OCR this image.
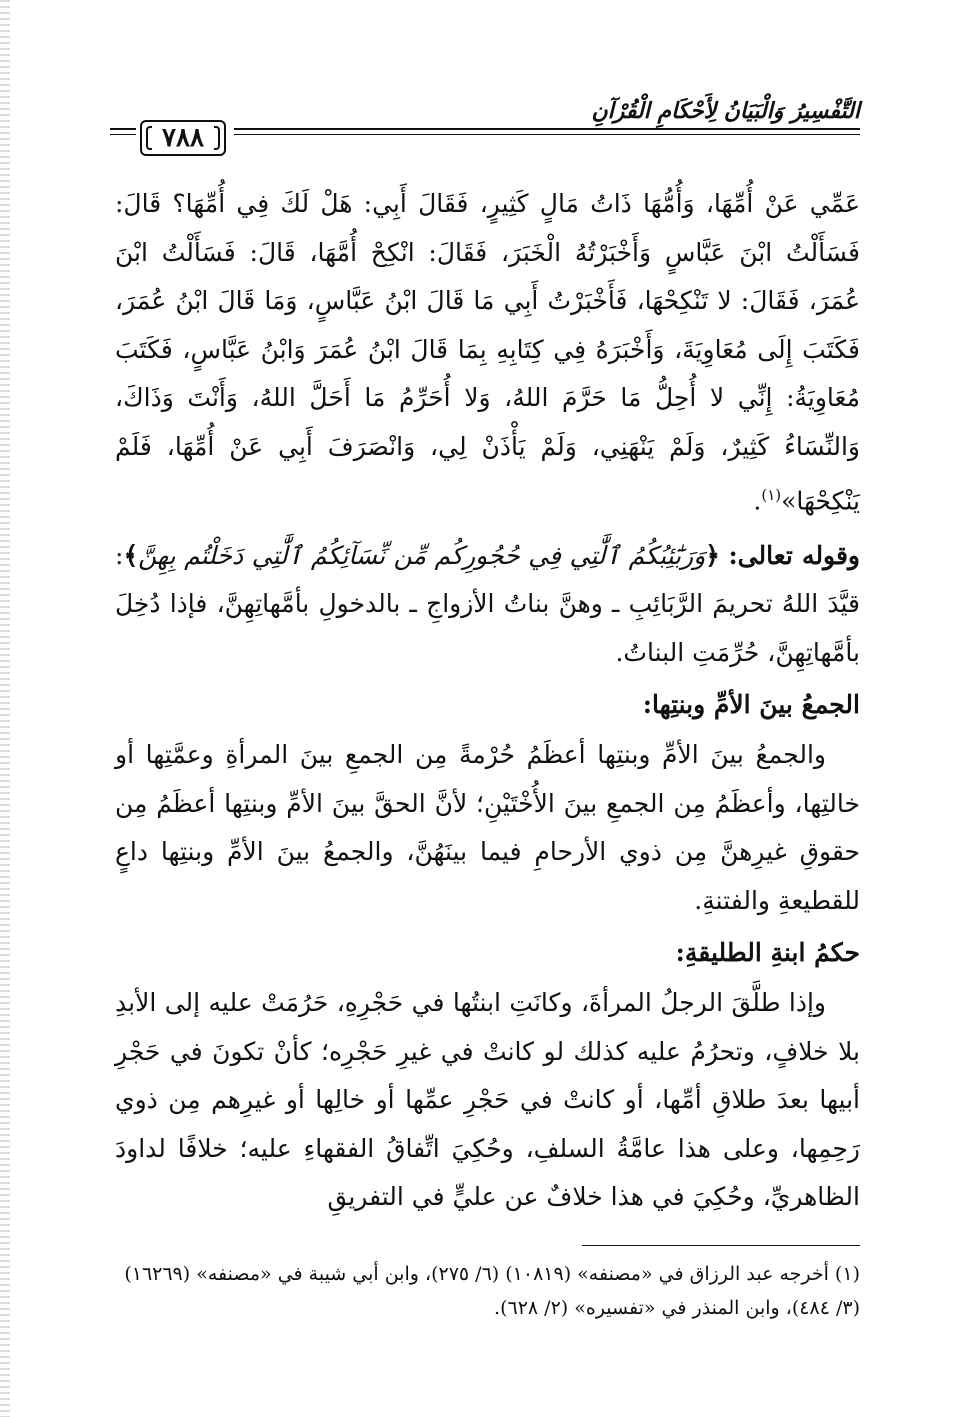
التَّفْسِيرُ وَالْبَيَانُ لِأَحْكَامِ الْقُرْآنِ
٧٨٨

عَمِّي عَنْ أُمِّهَا، وَأُمُّهَا ذَاتُ مَالٍ كَثِيرٍ، فَقَالَ أَبِي: هَلْ لَكَ فِي أُمِّهَا؟ قَالَ: فَسَأَلْتُ ابْنَ عَبَّاسٍ وَأَخْبَرْتُهُ الْخَبَرَ، فَقَالَ: انْكِحْ أُمَّهَا، قَالَ: فَسَأَلْتُ ابْنَ عُمَرَ، فَقَالَ: لا تَنْكِحْهَا، فَأَخْبَرْتُ أَبِي مَا قَالَ ابْنُ عَبَّاسٍ، وَمَا قَالَ ابْنُ عُمَرَ، فَكَتَبَ إِلَى مُعَاوِيَةَ، وَأَخْبَرَهُ فِي كِتَابِهِ بِمَا قَالَ ابْنُ عُمَرَ وَابْنُ عَبَّاسٍ، فَكَتَبَ مُعَاوِيَةُ: إِنِّي لا أُحِلُّ مَا حَرَّمَ اللهُ، وَلا أُحَرِّمُ مَا أَحَلَّ اللهُ، وَأَنْتَ وَذَاكَ، وَالنِّسَاءُ كَثِيرٌ، وَلَمْ يَنْهَنِي، وَلَمْ يَأْذَنْ لِي، وَانْصَرَفَ أَبِي عَنْ أُمِّهَا، فَلَمْ يَنْكِحْهَا»$^{(١)}$.

وقوله تعالى: ﴿وَرَبَٰٓئِبُكُمُ ٱلَّٰتِي فِي حُجُورِكُم مِّن نِّسَآئِكُمُ ٱلَّٰتِي دَخَلْتُم بِهِنَّ﴾: قيَّدَ اللهُ تحريمَ الرَّبَائِبِ ـ وهنَّ بناتُ الأزواجِ ـ بالدخولِ بأمَّهاتِهِنَّ، فإذا دُخِلَ بأمَّهاتِهِنَّ، حُرِّمَتِ البناتُ.

الجمعُ بينَ الأمِّ وبنتِها:

والجمعُ بينَ الأمِّ وبنتِها أعظَمُ حُرْمةً مِن الجمعِ بينَ المرأةِ وعمَّتِها أو خالتِها، وأعظَمُ مِن الجمعِ بينَ الأُخْتَيْنِ؛ لأنَّ الحقَّ بينَ الأمِّ وبنتِها أعظَمُ مِن حقوقِ غيرِهنَّ مِن ذوي الأرحامِ فيما بينَهُنَّ، والجمعُ بينَ الأمِّ وبنتِها داعٍ للقطيعةِ والفتنةِ.

حكمُ ابنةِ الطليقةِ:

وإذا طلَّقَ الرجلُ المرأةَ، وكانَتِ ابنتُها في حَجْرِهِ، حَرُمَتْ عليه إلى الأبدِ بلا خلافٍ، وتحرُمُ عليه كذلك لو كانتْ في غيرِ حَجْرِه؛ كأنْ تكونَ في حَجْرِ أبيها بعدَ طلاقِ أمِّها، أو كانتْ في حَجْرِ عمِّها أو خالِها أو غيرِهم مِن ذوي رَحِمِها، وعلى هذا عامَّةُ السلفِ، وحُكِيَ اتِّفاقُ الفقهاءِ عليه؛ خلافًا لداودَ الظاهريِّ، وحُكِيَ في هذا خلافٌ عن عليٍّ في التفريقِ

(١) أخرجه عبد الرزاق في «مصنفه» (١٠٨١٩) (٦/ ٢٧٥)، وابن أبي شيبة في «مصنفه» (١٦٢٦٩) (٣/ ٤٨٤)، وابن المنذر في «تفسيره» (٢/ ٦٢٨).
